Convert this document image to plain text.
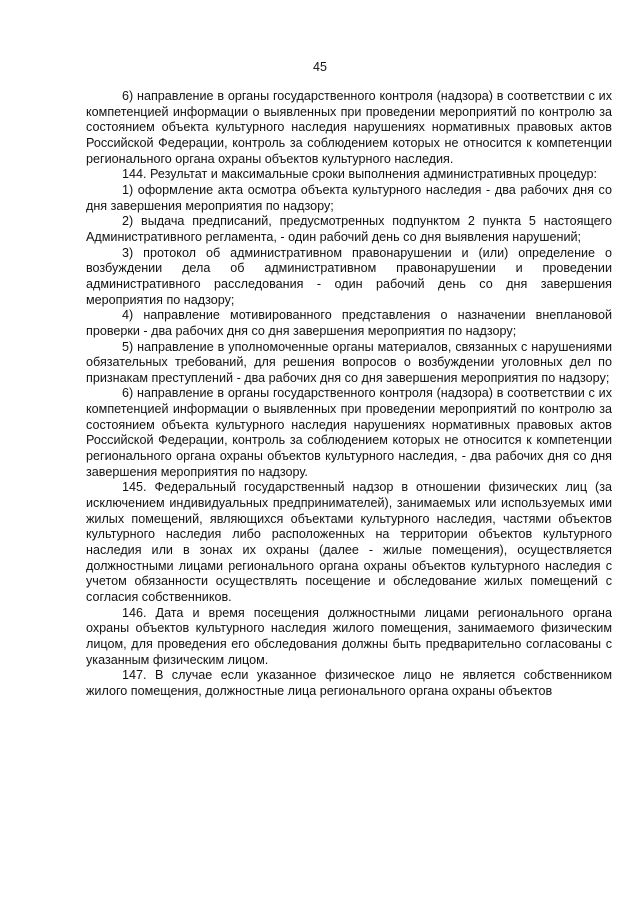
45

6) направление в органы государственного контроля (надзора) в соответствии с их компетенцией информации о выявленных при проведении мероприятий по контролю за состоянием объекта культурного наследия нарушениях нормативных правовых актов Российской Федерации, контроль за соблюдением которых не относится к компетенции регионального органа охраны объектов культурного наследия.

144. Результат и максимальные сроки выполнения административных процедур:

1) оформление акта осмотра объекта культурного наследия - два рабочих дня со дня завершения мероприятия по надзору;

2) выдача предписаний, предусмотренных подпунктом 2 пункта 5 настоящего Административного регламента, - один рабочий день со дня выявления нарушений;

3) протокол об административном правонарушении и (или) определение о возбуждении дела об административном правонарушении и проведении административного расследования - один рабочий день со дня завершения мероприятия по надзору;

4) направление мотивированного представления о назначении внеплановой проверки - два рабочих дня со дня завершения мероприятия по надзору;

5) направление в уполномоченные органы материалов, связанных с нарушениями обязательных требований, для решения вопросов о возбуждении уголовных дел по признакам преступлений - два рабочих дня со дня завершения мероприятия по надзору;

6) направление в органы государственного контроля (надзора) в соответствии с их компетенцией информации о выявленных при проведении мероприятий по контролю за состоянием объекта культурного наследия нарушениях нормативных правовых актов Российской Федерации, контроль за соблюдением которых не относится к компетенции регионального органа охраны объектов культурного наследия, - два рабочих дня со дня завершения мероприятия по надзору.

145. Федеральный государственный надзор в отношении физических лиц (за исключением индивидуальных предпринимателей), занимаемых или используемых ими жилых помещений, являющихся объектами культурного наследия, частями объектов культурного наследия либо расположенных на территории объектов культурного наследия или в зонах их охраны (далее - жилые помещения), осуществляется должностными лицами регионального органа охраны объектов культурного наследия с учетом обязанности осуществлять посещение и обследование жилых помещений с согласия собственников.

146. Дата и время посещения должностными лицами регионального органа охраны объектов культурного наследия жилого помещения, занимаемого физическим лицом, для проведения его обследования должны быть предварительно согласованы с указанным физическим лицом.

147. В случае если указанное физическое лицо не является собственником жилого помещения, должностные лица регионального органа охраны объектов
